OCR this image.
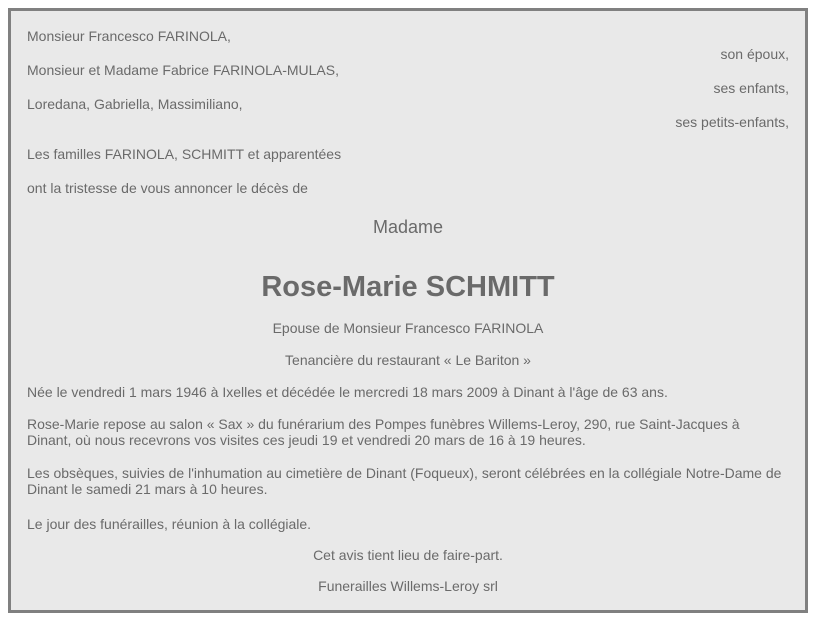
Monsieur Francesco FARINOLA,
son époux,
Monsieur et Madame Fabrice FARINOLA-MULAS,
ses enfants,
Loredana, Gabriella, Massimiliano,
ses petits-enfants,
Les familles FARINOLA, SCHMITT et apparentées
ont la tristesse de vous annoncer le décès de
Madame
Rose-Marie SCHMITT
Epouse de Monsieur Francesco FARINOLA
Tenancière du restaurant « Le Bariton »
Née le vendredi 1 mars 1946 à Ixelles et décédée le mercredi 18 mars 2009 à Dinant à l'âge de 63 ans.
Rose-Marie repose au salon « Sax » du funérarium des Pompes funèbres Willems-Leroy, 290, rue Saint-Jacques à Dinant, où nous recevrons vos visites ces jeudi 19 et vendredi 20 mars de 16 à 19 heures.
Les obsèques, suivies de l'inhumation au cimetière de Dinant (Foqueux), seront célébrées en la collégiale Notre-Dame de Dinant le samedi 21 mars à 10 heures.
Le jour des funérailles, réunion à la collégiale.
Cet avis tient lieu de faire-part.
Funerailles Willems-Leroy srl
